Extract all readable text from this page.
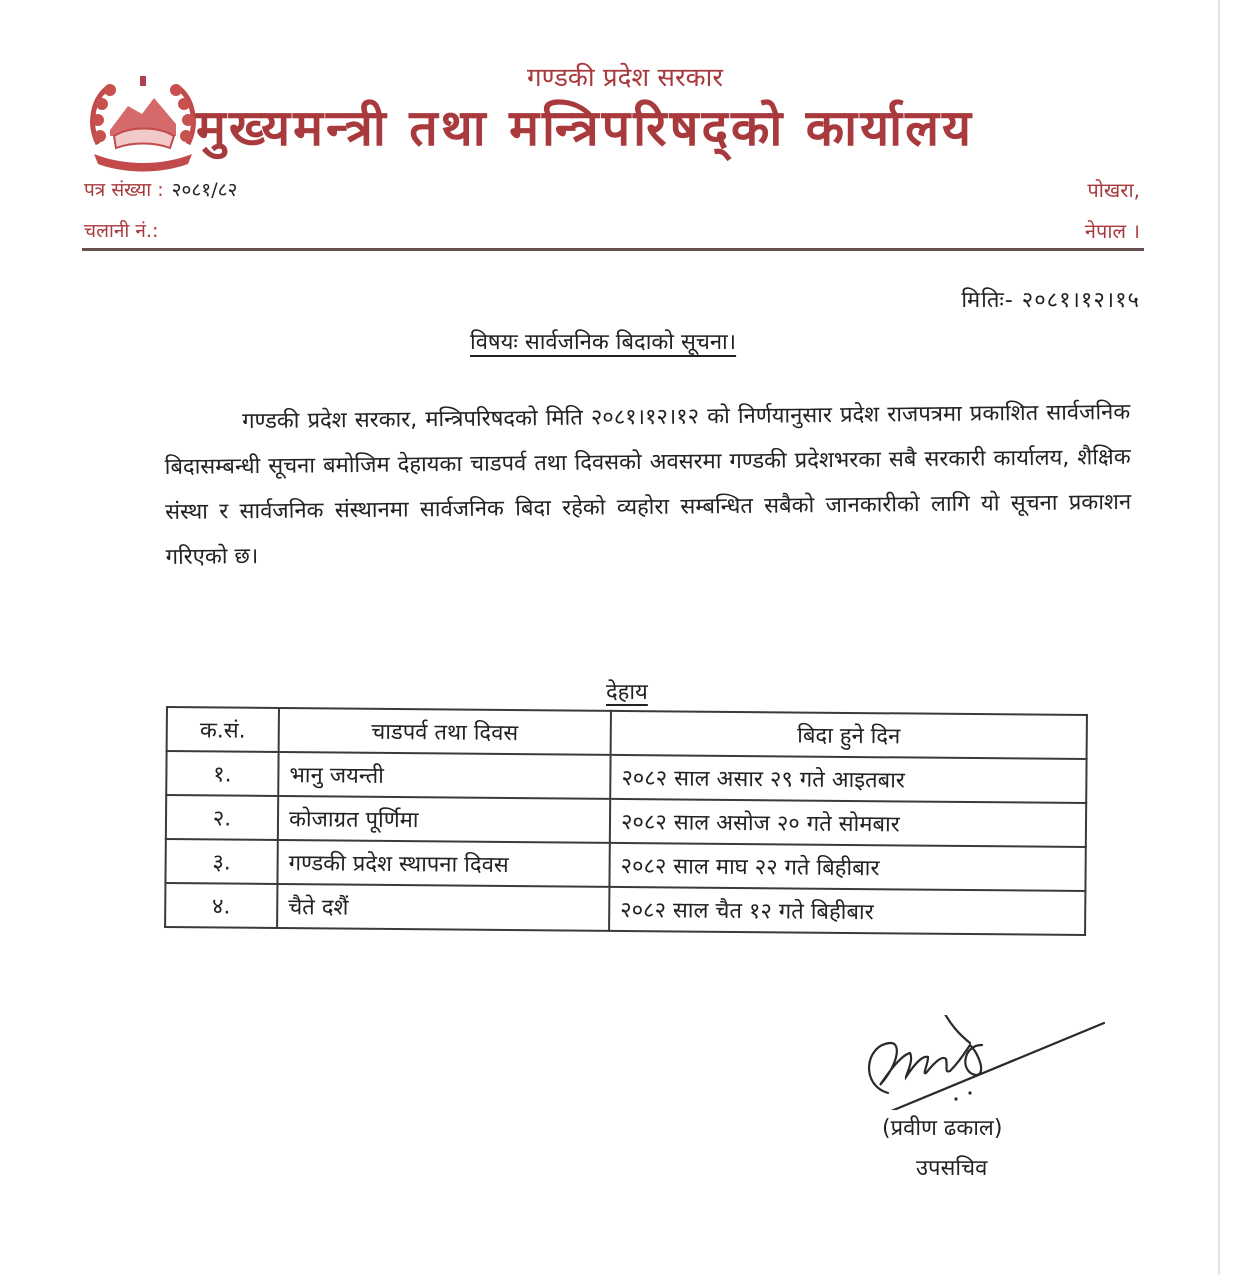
गण्डकी प्रदेश सरकार
मुख्यमन्त्री तथा मन्त्रिपरिषद्को कार्यालय
पत्र संख्या : २०८१/८२
चलानी नं.:
पोखरा,
नेपाल ।
मितिः- २०८१।१२।१५
विषयः सार्वजनिक बिदाको सूचना।
गण्डकी प्रदेश सरकार, मन्त्रिपरिषदको मिति २०८१।१२।१२ को निर्णयानुसार प्रदेश राजपत्रमा प्रकाशित सार्वजनिक बिदासम्बन्धी सूचना बमोजिम देहायका चाडपर्व तथा दिवसको अवसरमा गण्डकी प्रदेशभरका सबै सरकारी कार्यालय, शैक्षिक संस्था र सार्वजनिक संस्थानमा सार्वजनिक बिदा रहेको व्यहोरा सम्बन्धित सबैको जानकारीको लागि यो सूचना प्रकाशन गरिएको छ।
देहाय
क.सं.	चाडपर्व तथा दिवस	बिदा हुने दिन
१.	भानु जयन्ती	२०८२ साल असार २९ गते आइतबार
२.	कोजाग्रत पूर्णिमा	२०८२ साल असोज २० गते सोमबार
३.	गण्डकी प्रदेश स्थापना दिवस	२०८२ साल माघ २२ गते बिहीबार
४.	चैते दशैं	२०८२ साल चैत १२ गते बिहीबार
(प्रवीण ढकाल)
उपसचिव
